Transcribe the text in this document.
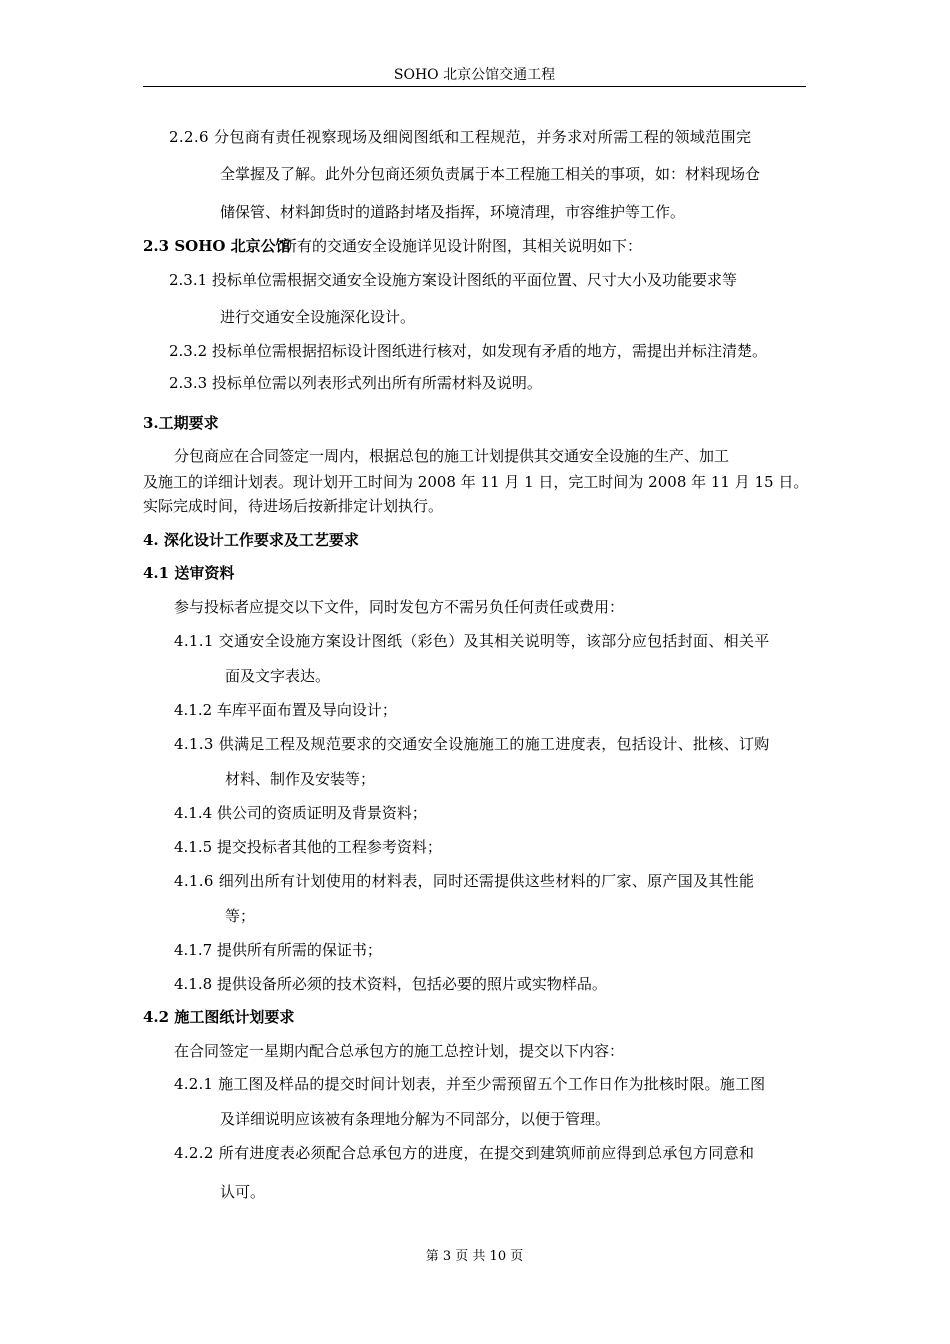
SOHO 北京公馆交通工程
2.2.6 分包商有责任视察现场及细阅图纸和工程规范，并务求对所需工程的领域范围完
全掌握及了解。此外分包商还须负责属于本工程施工相关的事项，如：材料现场仓
储保管、材料卸货时的道路封堵及指挥，环境清理，市容维护等工作。
2.3 SOHO 北京公馆
所有的交通安全设施详见设计附图，其相关说明如下：
2.3.1 投标单位需根据交通安全设施方案设计图纸的平面位置、尺寸大小及功能要求等
进行交通安全设施深化设计。
2.3.2 投标单位需根据招标设计图纸进行核对，如发现有矛盾的地方，需提出并标注清楚。
2.3.3 投标单位需以列表形式列出所有所需材料及说明。
3.工期要求
分包商应在合同签定一周内，根据总包的施工计划提供其交通安全设施的生产、加工
及施工的详细计划表。现计划开工时间为 2008 年 11 月 1 日，完工时间为 2008 年 11 月 15 日。
实际完成时间，待进场后按新排定计划执行。
4. 深化设计工作要求及工艺要求
4.1 送审资料
参与投标者应提交以下文件，同时发包方不需另负任何责任或费用：
4.1.1 交通安全设施方案设计图纸（彩色）及其相关说明等，该部分应包括封面、相关平
面及文字表达。
4.1.2 车库平面布置及导向设计；
4.1.3 供满足工程及规范要求的交通安全设施施工的施工进度表，包括设计、批核、订购
材料、制作及安装等；
4.1.4 供公司的资质证明及背景资料；
4.1.5 提交投标者其他的工程参考资料；
4.1.6 细列出所有计划使用的材料表，同时还需提供这些材料的厂家、原产国及其性能
等；
4.1.7 提供所有所需的保证书；
4.1.8 提供设备所必须的技术资料，包括必要的照片或实物样品。
4.2 施工图纸计划要求
在合同签定一星期内配合总承包方的施工总控计划，提交以下内容：
4.2.1 施工图及样品的提交时间计划表，并至少需预留五个工作日作为批核时限。施工图
及详细说明应该被有条理地分解为不同部分，以便于管理。
4.2.2 所有进度表必须配合总承包方的进度，在提交到建筑师前应得到总承包方同意和
认可。
第 3 页 共 10 页
